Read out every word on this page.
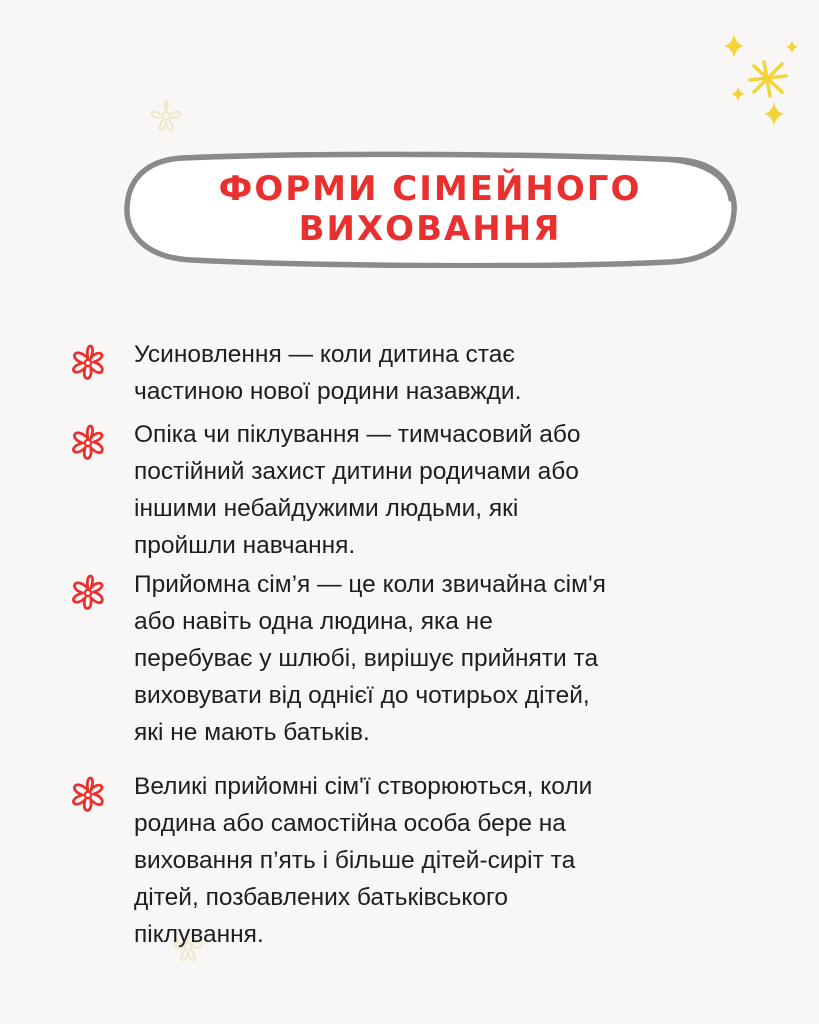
ФОРМИ СІМЕЙНОГО
ВИХОВАННЯ

Усиновлення — коли дитина стає
частиною нової родини назавжди.

Опіка чи піклування — тимчасовий або
постійний захист дитини родичами або
іншими небайдужими людьми, які
пройшли навчання.

Прийомна сім’я — це коли звичайна сім'я
або навіть одна людина, яка не
перебуває у шлюбі, вирішує прийняти та
виховувати від однієї до чотирьох дітей,
які не мають батьків.

Великі прийомні сім'ї створюються, коли
родина або самостійна особа бере на
виховання п’ять і більше дітей-сиріт та
дітей, позбавлених батьківського
піклування.
